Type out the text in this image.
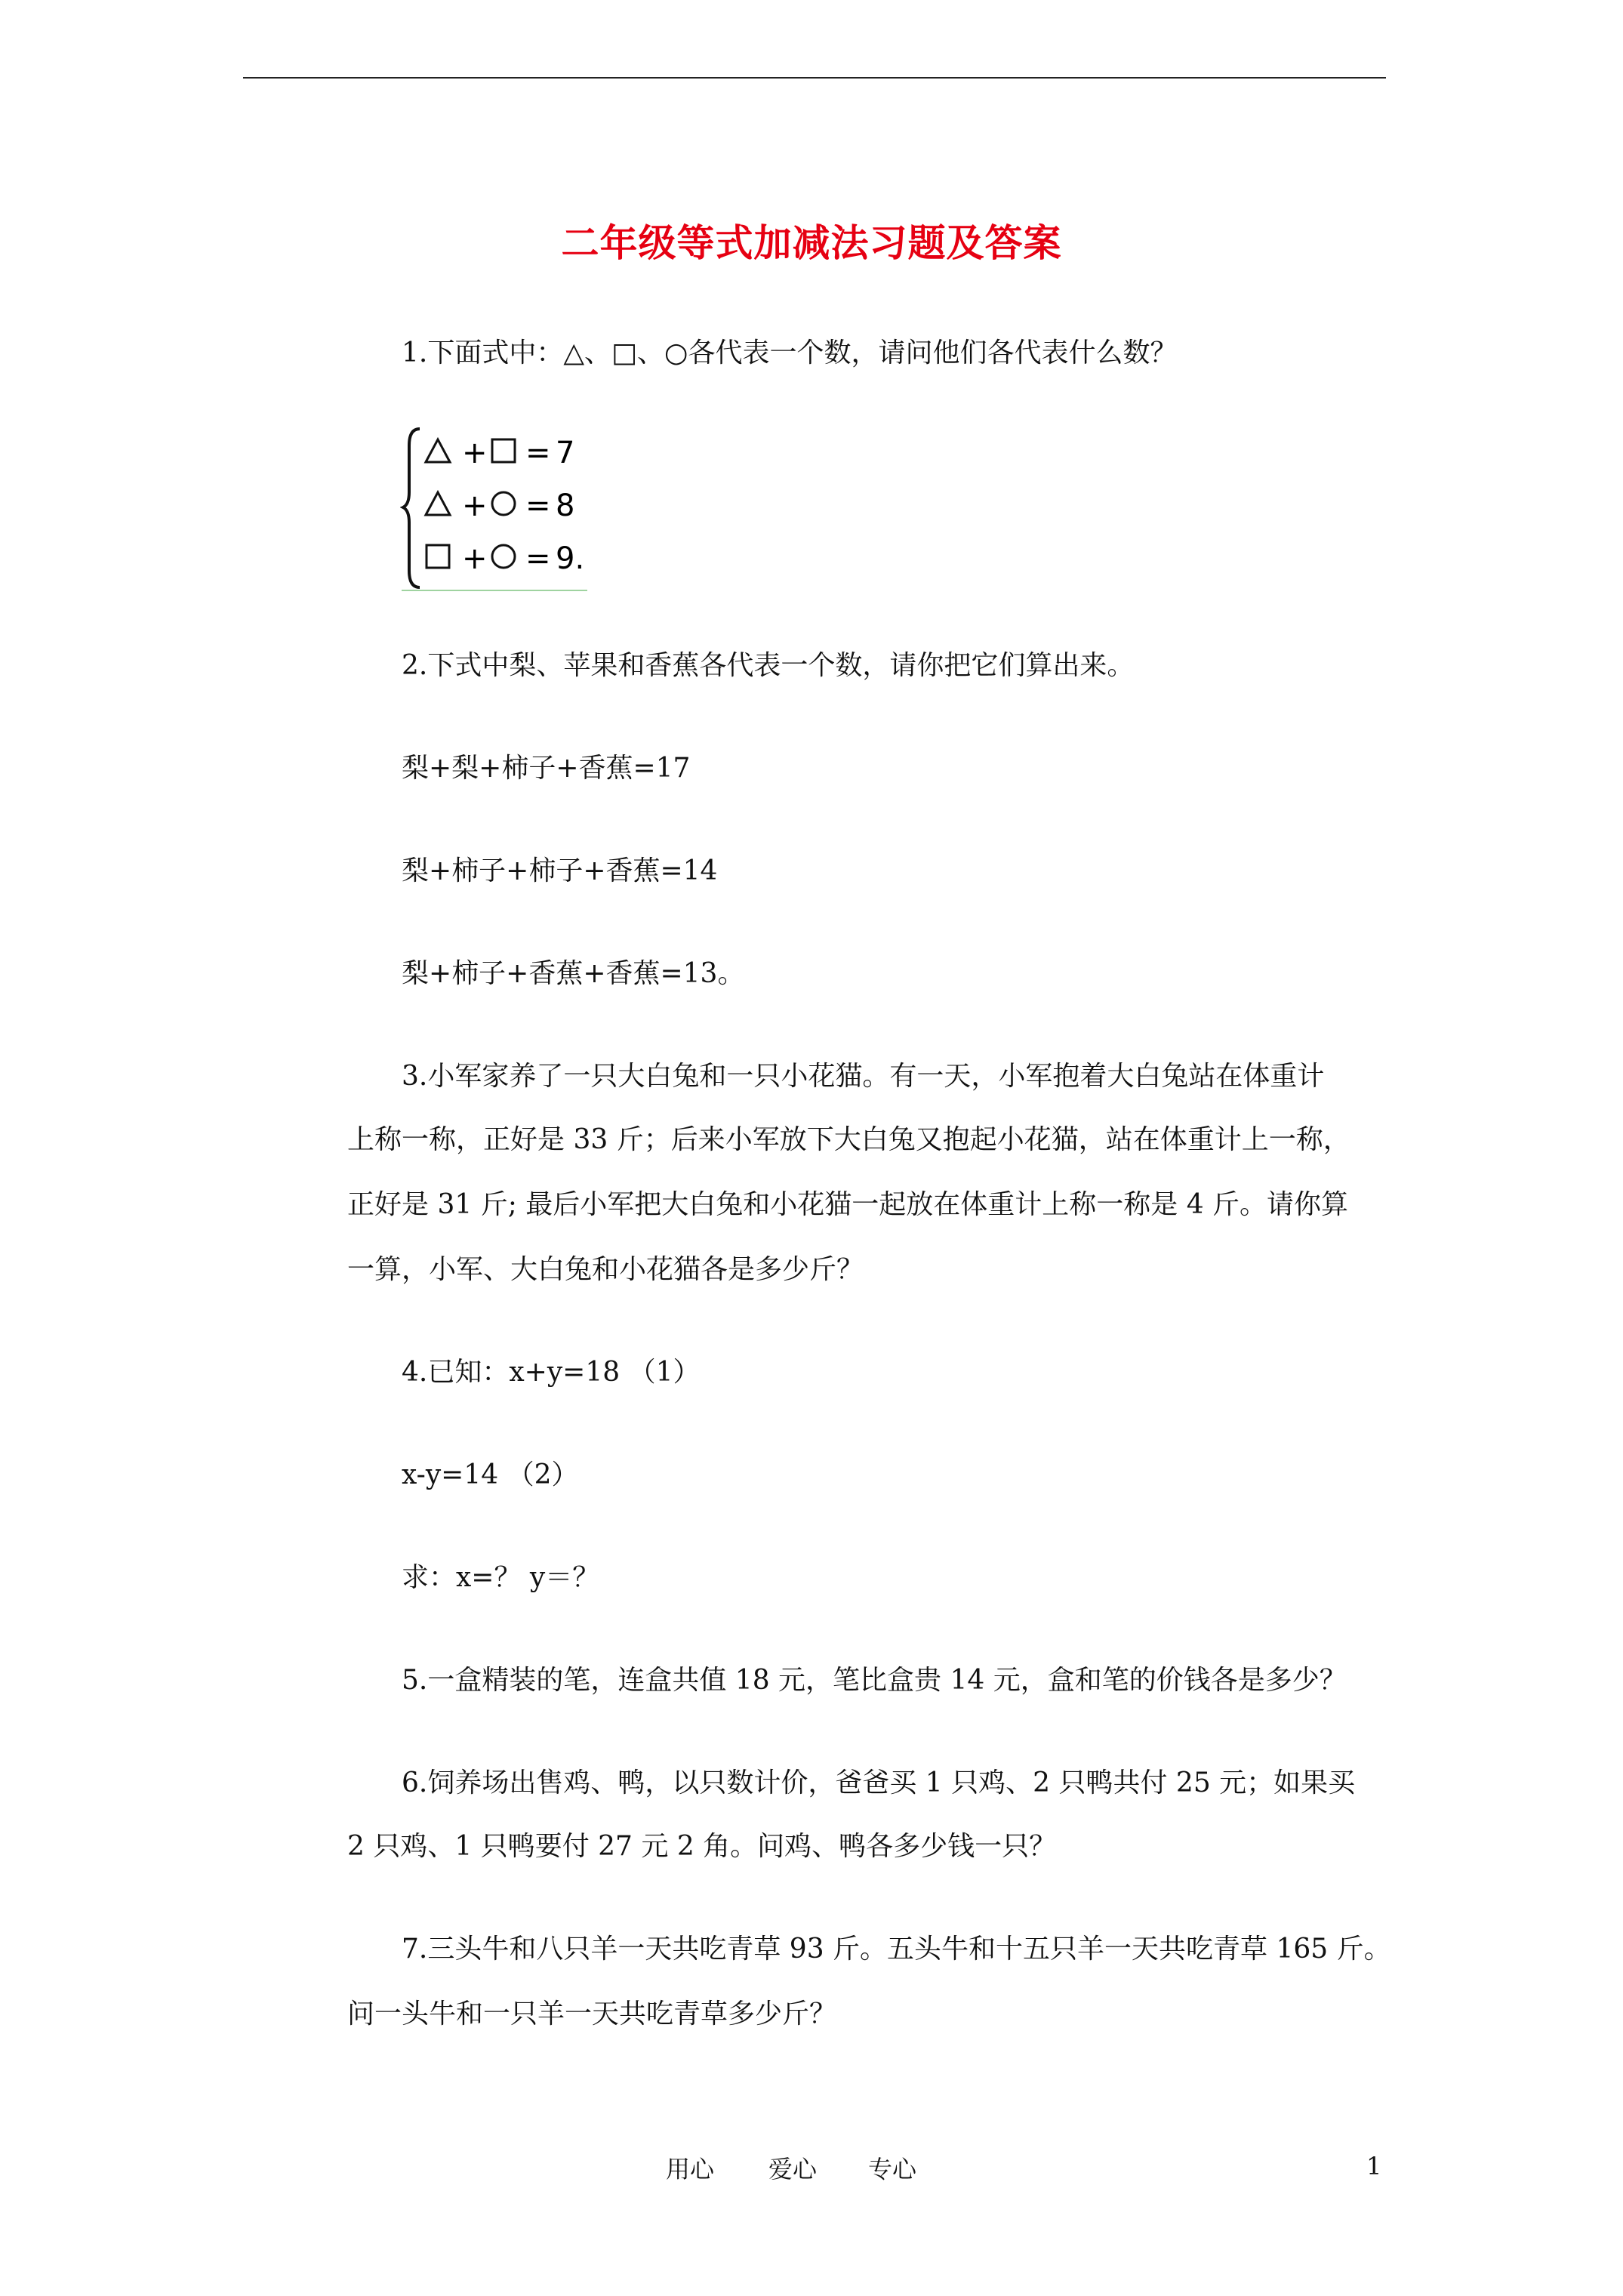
二年级等式加减法习题及答案
1.下面式中：△、□、○各代表一个数，请问他们各代表什么数？
+ = 7
+ = 8
+ = 9.
2.下式中梨、苹果和香蕉各代表一个数，请你把它们算出来。
梨+梨+柿子+香蕉=17
梨+柿子+柿子+香蕉=14
梨+柿子+香蕉+香蕉=13。
3.小军家养了一只大白兔和一只小花猫。有一天，小军抱着大白兔站在体重计
上称一称，正好是 33 斤；后来小军放下大白兔又抱起小花猫，站在体重计上一称，
正好是 31 斤; 最后小军把大白兔和小花猫一起放在体重计上称一称是 4 斤。请你算
一算，小军、大白兔和小花猫各是多少斤？
4.已知：x+y=18 （1）
x-y=14 （2）
求：x=？ y＝？
5.一盒精装的笔，连盒共值 18 元，笔比盒贵 14 元，盒和笔的价钱各是多少？
6.饲养场出售鸡、鸭，以只数计价，爸爸买 1 只鸡、2 只鸭共付 25 元；如果买
2 只鸡、1 只鸭要付 27 元 2 角。问鸡、鸭各多少钱一只？
7.三头牛和八只羊一天共吃青草 93 斤。五头牛和十五只羊一天共吃青草 165 斤。
问一头牛和一只羊一天共吃青草多少斤？
用心 爱心 专心	1
